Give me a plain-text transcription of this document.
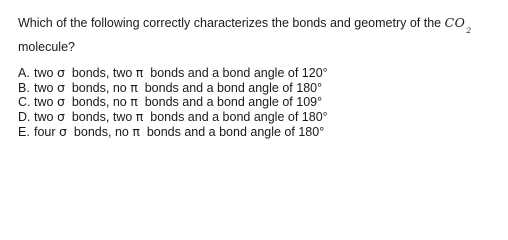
Which of the following correctly characterizes the bonds and geometry of the $CO_2$
molecule?
A. two σ bonds, two π bonds and a bond angle of 120°
B. two σ bonds, no π bonds and a bond angle of 180°
C. two σ bonds, no π bonds and a bond angle of 109°
D. two σ bonds, two π bonds and a bond angle of 180°
E. four σ bonds, no π bonds and a bond angle of 180°
